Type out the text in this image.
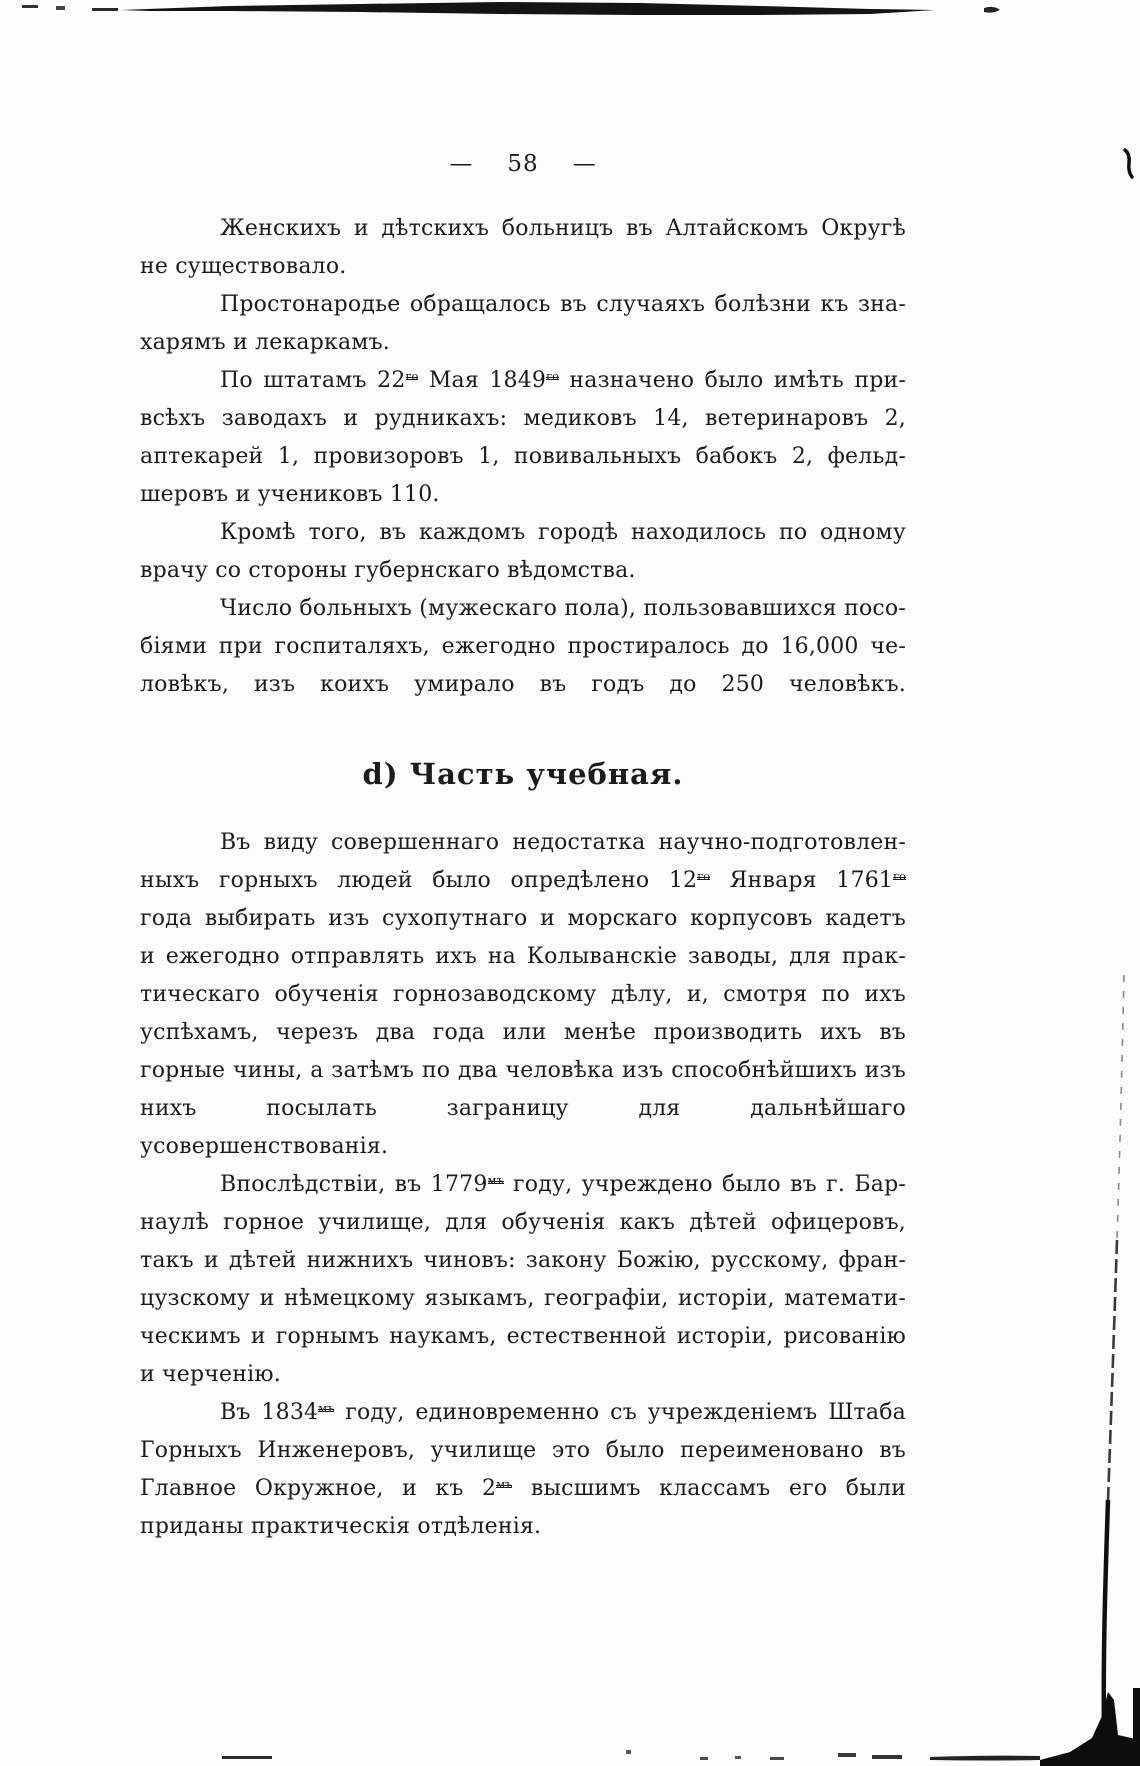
— 58 —
Женскихъ и дѣтскихъ больницъ въ Алтайскомъ Округѣ
не существовало.
Простонародье обращалось въ случаяхъ болѣзни къ зна-
харямъ и лекаркамъ.
По штатамъ 22го Мая 1849го назначено было имѣть при-
всѣхъ заводахъ и рудникахъ: медиковъ 14, ветеринаровъ 2,
аптекарей 1, провизоровъ 1, повивальныхъ бабокъ 2, фельд-
шеровъ и учениковъ 110.
Кромѣ того, въ каждомъ городѣ находилось по одному
врачу со стороны губернскаго вѣдомства.
Число больныхъ (мужескаго пола), пользовавшихся посо-
біями при госпиталяхъ, ежегодно простиралось до 16,000 че-
ловѣкъ, изъ коихъ умирало въ годъ до 250 человѣкъ.
d) Часть учебная.
Въ виду совершеннаго недостатка научно-подготовлен-
ныхъ горныхъ людей было опредѣлено 12го Января 1761го
года выбирать изъ сухопутнаго и морскаго корпусовъ кадетъ
и ежегодно отправлять ихъ на Колыванскіе заводы, для прак-
тическаго обученія горнозаводскому дѣлу, и, смотря по ихъ
успѣхамъ, черезъ два года или менѣе производить ихъ въ
горные чины, а затѣмъ по два человѣка изъ способнѣйшихъ изъ
нихъ посылать заграницу для дальнѣйшаго усовершенствованія.
Впослѣдствіи, въ 1779мъ году, учреждено было въ г. Бар-
наулѣ горное училище, для обученія какъ дѣтей офицеровъ,
такъ и дѣтей нижнихъ чиновъ: закону Божію, русскому, фран-
цузскому и нѣмецкому языкамъ, географіи, исторіи, математи-
ческимъ и горнымъ наукамъ, естественной исторіи, рисованію
и черченію.
Въ 1834мъ году, единовременно съ учрежденіемъ Штаба
Горныхъ Инженеровъ, училище это было переименовано въ
Главное Окружное, и къ 2мъ высшимъ классамъ его были
приданы практическія отдѣленія.
